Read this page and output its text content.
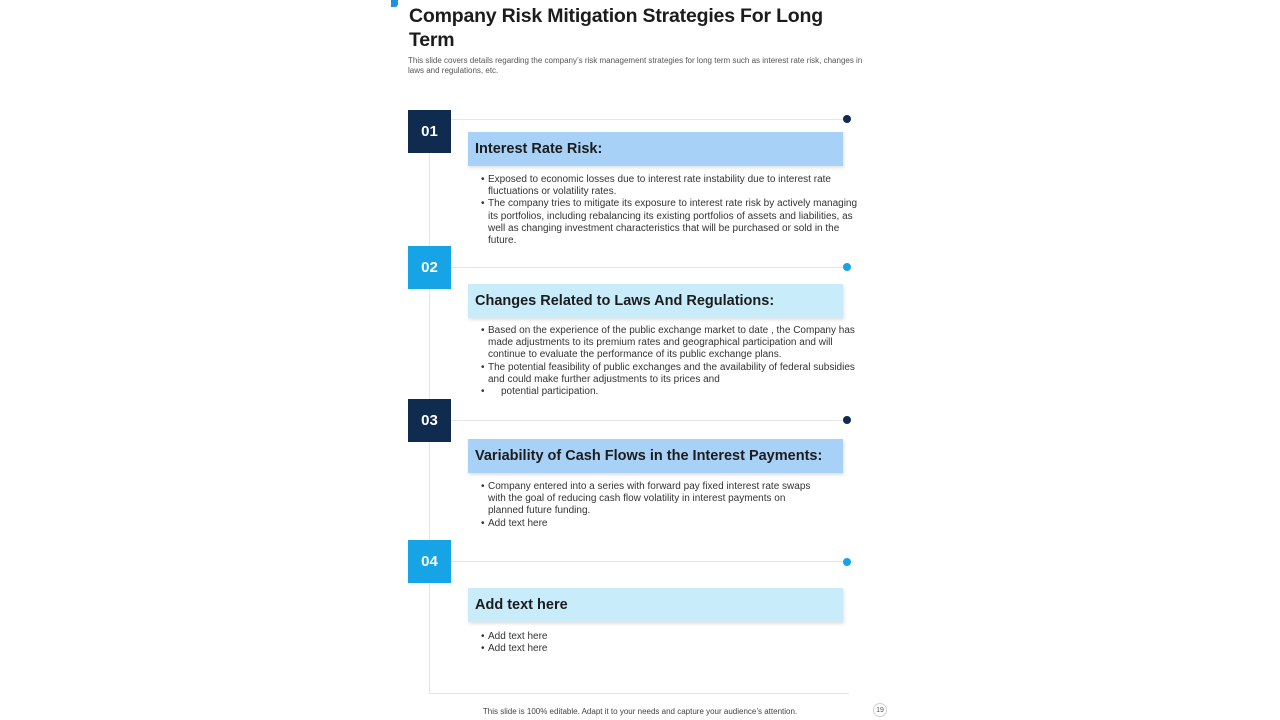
Company Risk Mitigation Strategies For Long Term
This slide covers details regarding the company’s risk management strategies for long term such as interest rate risk, changes in laws and regulations, etc.
01
Interest Rate Risk:
• Exposed to economic losses due to interest rate instability due to interest rate fluctuations or volatility rates.
• The company tries to mitigate its exposure to interest rate risk by actively managing its portfolios, including rebalancing its existing portfolios of assets and liabilities, as well as changing investment characteristics that will be purchased or sold in the future.
02
Changes Related to Laws And Regulations:
• Based on the experience of the public exchange market to date , the Company has made adjustments to its premium rates and geographical participation and will continue to evaluate the performance of its public exchange plans.
• The potential feasibility of public exchanges and the availability of federal subsidies and could make further adjustments to its prices and
• potential participation.
03
Variability of Cash Flows in the Interest Payments:
• Company entered into a series with forward pay fixed interest rate swaps with the goal of reducing cash flow volatility in interest payments on planned future funding.
• Add text here
04
Add text here
• Add text here
• Add text here
This slide is 100% editable. Adapt it to your needs and capture your audience’s attention.	19
